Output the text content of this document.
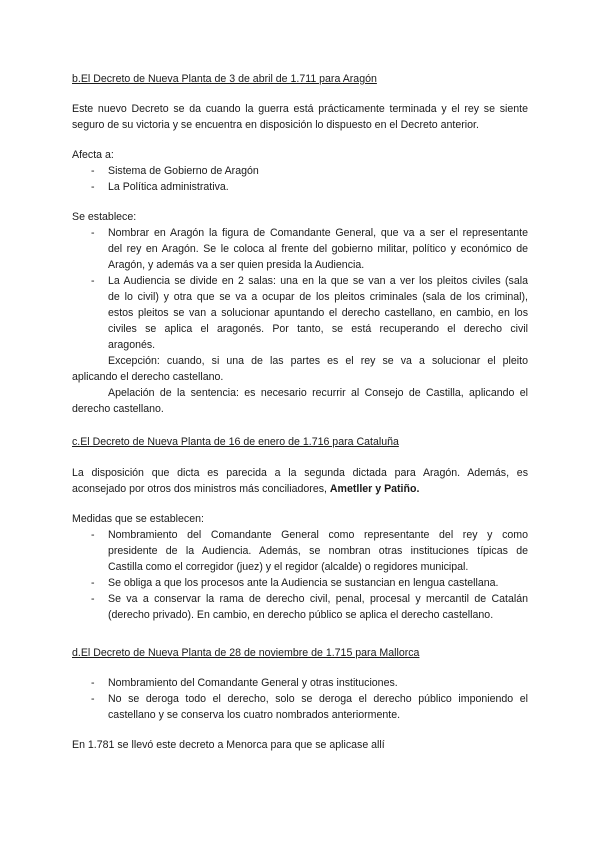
b.El Decreto de Nueva Planta de 3 de abril de 1.711 para Aragón
Este nuevo Decreto se da cuando la guerra está prácticamente terminada y el rey se siente
seguro de su victoria y se encuentra en disposición lo dispuesto en el Decreto anterior.
Afecta a:
- Sistema de Gobierno de Aragón
- La Política administrativa.
Se establece:
- Nombrar en Aragón la figura de Comandante General, que va a ser el representante
del rey en Aragón. Se le coloca al frente del gobierno militar, político y económico de
Aragón, y además va a ser quien presida la Audiencia.
- La Audiencia se divide en 2 salas: una en la que se van a ver los pleitos civiles (sala
de lo civil) y otra que se va a ocupar de los pleitos criminales (sala de los criminal),
estos pleitos se van a solucionar apuntando el derecho castellano, en cambio, en los
civiles se aplica el aragonés. Por tanto, se está recuperando el derecho civil
aragonés.
Excepción: cuando, si una de las partes es el rey se va a solucionar el pleito
aplicando el derecho castellano.
Apelación de la sentencia: es necesario recurrir al Consejo de Castilla, aplicando el
derecho castellano.
c.El Decreto de Nueva Planta de 16 de enero de 1.716 para Cataluña
La disposición que dicta es parecida a la segunda dictada para Aragón. Además, es
aconsejado por otros dos ministros más conciliadores, Ametller y Patiño.
Medidas que se establecen:
- Nombramiento del Comandante General como representante del rey y como
presidente de la Audiencia. Además, se nombran otras instituciones típicas de
Castilla como el corregidor (juez) y el regidor (alcalde) o regidores municipal.
- Se obliga a que los procesos ante la Audiencia se sustancian en lengua castellana.
- Se va a conservar la rama de derecho civil, penal, procesal y mercantil de Catalán
(derecho privado). En cambio, en derecho público se aplica el derecho castellano.
d.El Decreto de Nueva Planta de 28 de noviembre de 1.715 para Mallorca
- Nombramiento del Comandante General y otras instituciones.
- No se deroga todo el derecho, solo se deroga el derecho público imponiendo el
castellano y se conserva los cuatro nombrados anteriormente.
En 1.781 se llevó este decreto a Menorca para que se aplicase allí
